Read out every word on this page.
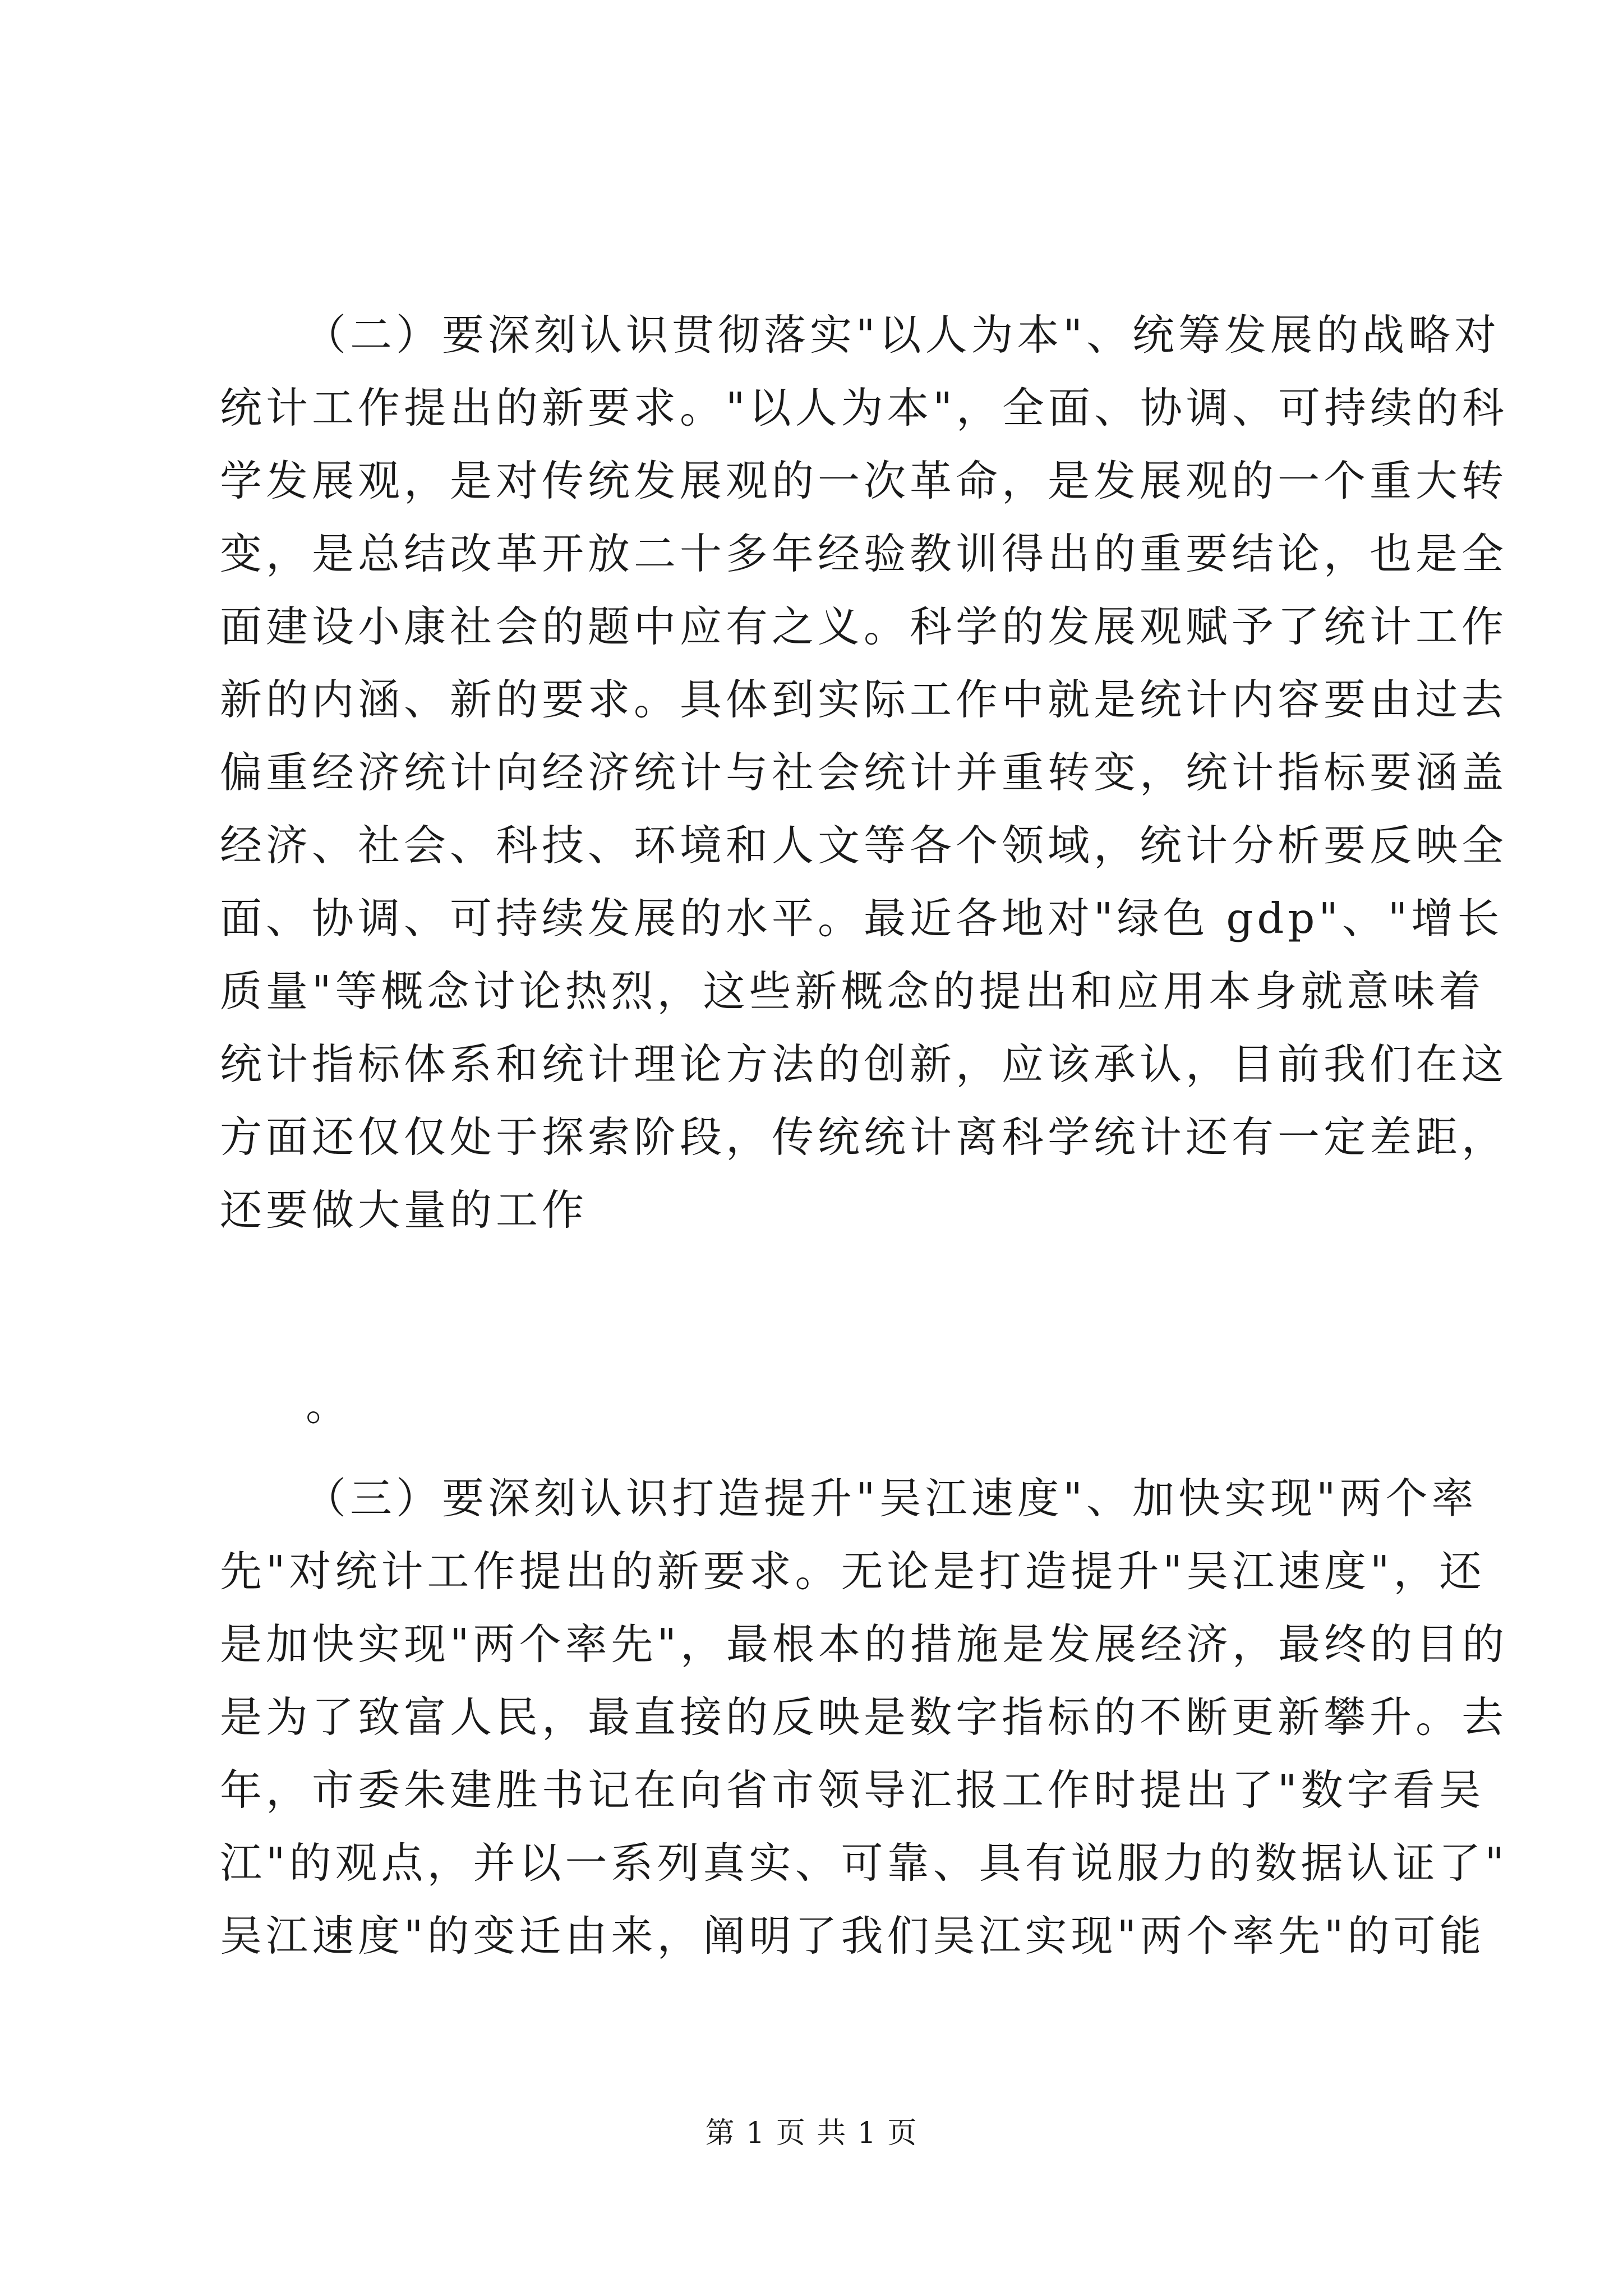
（二）要深刻认识贯彻落实"以人为本"、统筹发展的战略对
统计工作提出的新要求。"以人为本"，全面、协调、可持续的科
学发展观，是对传统发展观的一次革命，是发展观的一个重大转
变，是总结改革开放二十多年经验教训得出的重要结论，也是全
面建设小康社会的题中应有之义。科学的发展观赋予了统计工作
新的内涵、新的要求。具体到实际工作中就是统计内容要由过去
偏重经济统计向经济统计与社会统计并重转变，统计指标要涵盖
经济、社会、科技、环境和人文等各个领域，统计分析要反映全
面、协调、可持续发展的水平。最近各地对"绿色 gdp"、"增长
质量"等概念讨论热烈，这些新概念的提出和应用本身就意味着
统计指标体系和统计理论方法的创新，应该承认，目前我们在这
方面还仅仅处于探索阶段，传统统计离科学统计还有一定差距，
还要做大量的工作
。
（三）要深刻认识打造提升"吴江速度"、加快实现"两个率
先"对统计工作提出的新要求。无论是打造提升"吴江速度"，还
是加快实现"两个率先"，最根本的措施是发展经济，最终的目的
是为了致富人民，最直接的反映是数字指标的不断更新攀升。去
年，市委朱建胜书记在向省市领导汇报工作时提出了"数字看吴
江"的观点，并以一系列真实、可靠、具有说服力的数据认证了"
吴江速度"的变迁由来，阐明了我们吴江实现"两个率先"的可能
第 1 页 共 1 页
